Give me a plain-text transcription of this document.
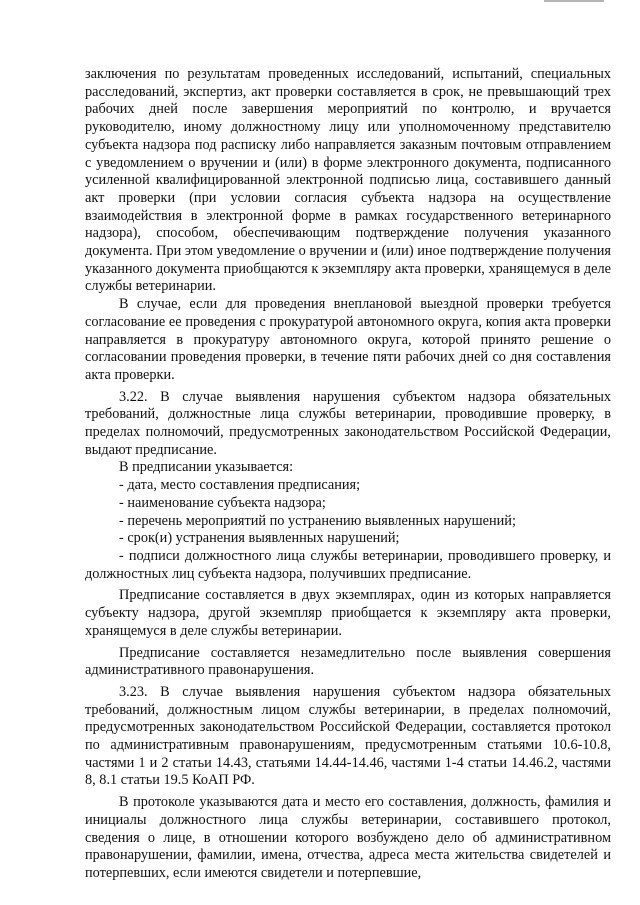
заключения по результатам проведенных исследований, испытаний, специальных расследований, экспертиз, акт проверки составляется в срок, не превышающий трех рабочих дней после завершения мероприятий по контролю, и вручается руководителю, иному должностному лицу или уполномоченному представителю субъекта надзора под расписку либо направляется заказным почтовым отправлением с уведомлением о вручении и (или) в форме электронного документа, подписанного усиленной квалифицированной электронной подписью лица, составившего данный акт проверки (при условии согласия субъекта надзора на осуществление взаимодействия в электронной форме в рамках государственного ветеринарного надзора), способом, обеспечивающим подтверждение получения указанного документа. При этом уведомление о вручении и (или) иное подтверждение получения указанного документа приобщаются к экземпляру акта проверки, хранящемуся в деле службы ветеринарии.

В случае, если для проведения внеплановой выездной проверки требуется согласование ее проведения с прокуратурой автономного округа, копия акта проверки направляется в прокуратуру автономного округа, которой принято решение о согласовании проведения проверки, в течение пяти рабочих дней со дня составления акта проверки.

3.22. В случае выявления нарушения субъектом надзора обязательных требований, должностные лица службы ветеринарии, проводившие проверку, в пределах полномочий, предусмотренных законодательством Российской Федерации, выдают предписание.

В предписании указывается:

- дата, место составления предписания;

- наименование субъекта надзора;

- перечень мероприятий по устранению выявленных нарушений;

- срок(и) устранения выявленных нарушений;

- подписи должностного лица службы ветеринарии, проводившего проверку, и должностных лиц субъекта надзора, получивших предписание.

Предписание составляется в двух экземплярах, один из которых направляется субъекту надзора, другой экземпляр приобщается к экземпляру акта проверки, хранящемуся в деле службы ветеринарии.

Предписание составляется незамедлительно после выявления совершения административного правонарушения.

3.23. В случае выявления нарушения субъектом надзора обязательных требований, должностным лицом службы ветеринарии, в пределах полномочий, предусмотренных законодательством Российской Федерации, составляется протокол по административным правонарушениям, предусмотренным статьями 10.6-10.8, частями 1 и 2 статьи 14.43, статьями 14.44-14.46, частями 1-4 статьи 14.46.2, частями 8, 8.1 статьи 19.5 КоАП РФ.

В протоколе указываются дата и место его составления, должность, фамилия и инициалы должностного лица службы ветеринарии, составившего протокол, сведения о лице, в отношении которого возбуждено дело об административном правонарушении, фамилии, имена, отчества, адреса места жительства свидетелей и потерпевших, если имеются свидетели и потерпевшие,
